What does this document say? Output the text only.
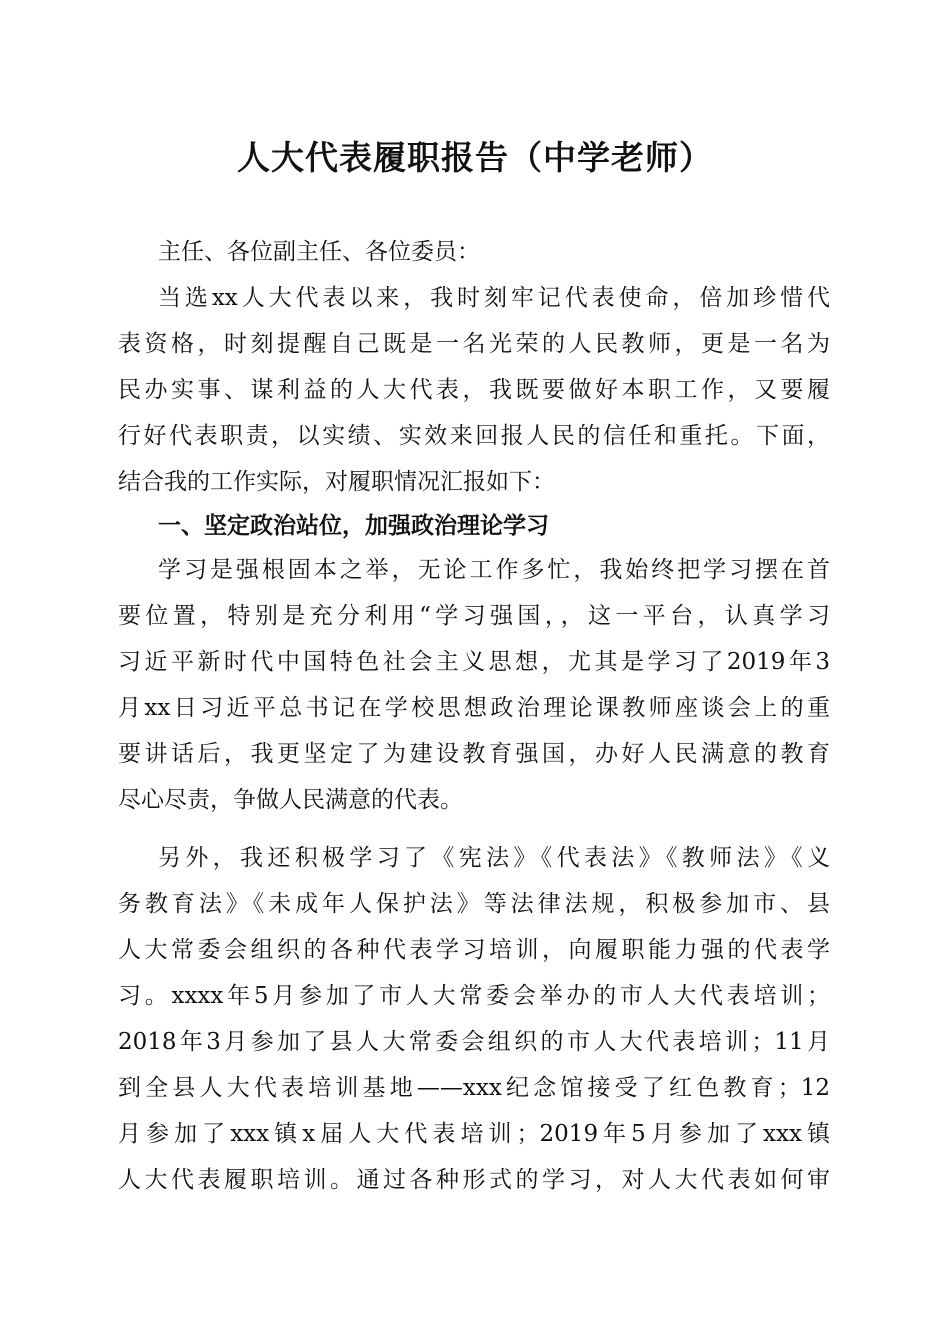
人大代表履职报告（中学老师）
主任、各位副主任、各位委员：
当选xx人大代表以来，我时刻牢记代表使命，倍加珍惜代
表资格，时刻提醒自己既是一名光荣的人民教师，更是一名为
民办实事、谋利益的人大代表，我既要做好本职工作，又要履
行好代表职责，以实绩、实效来回报人民的信任和重托。下面，
结合我的工作实际，对履职情况汇报如下：
一、坚定政治站位，加强政治理论学习
学习是强根固本之举，无论工作多忙，我始终把学习摆在首
要位置，特别是充分利用“学习强国，，这一平台，认真学习
习近平新时代中国特色社会主义思想，尤其是学习了2019年3
月xx日习近平总书记在学校思想政治理论课教师座谈会上的重
要讲话后，我更坚定了为建设教育强国，办好人民满意的教育
尽心尽责，争做人民满意的代表。
另外，我还积极学习了《宪法》《代表法》《教师法》《义
务教育法》《未成年人保护法》等法律法规，积极参加市、县
人大常委会组织的各种代表学习培训，向履职能力强的代表学
习。xxxx年5月参加了市人大常委会举办的市人大代表培训；
2018年3月参加了县人大常委会组织的市人大代表培训；11月
到全县人大代表培训基地——xxx纪念馆接受了红色教育；12
月参加了xxx镇x届人大代表培训；2019年5月参加了xxx镇
人大代表履职培训。通过各种形式的学习，对人大代表如何审
